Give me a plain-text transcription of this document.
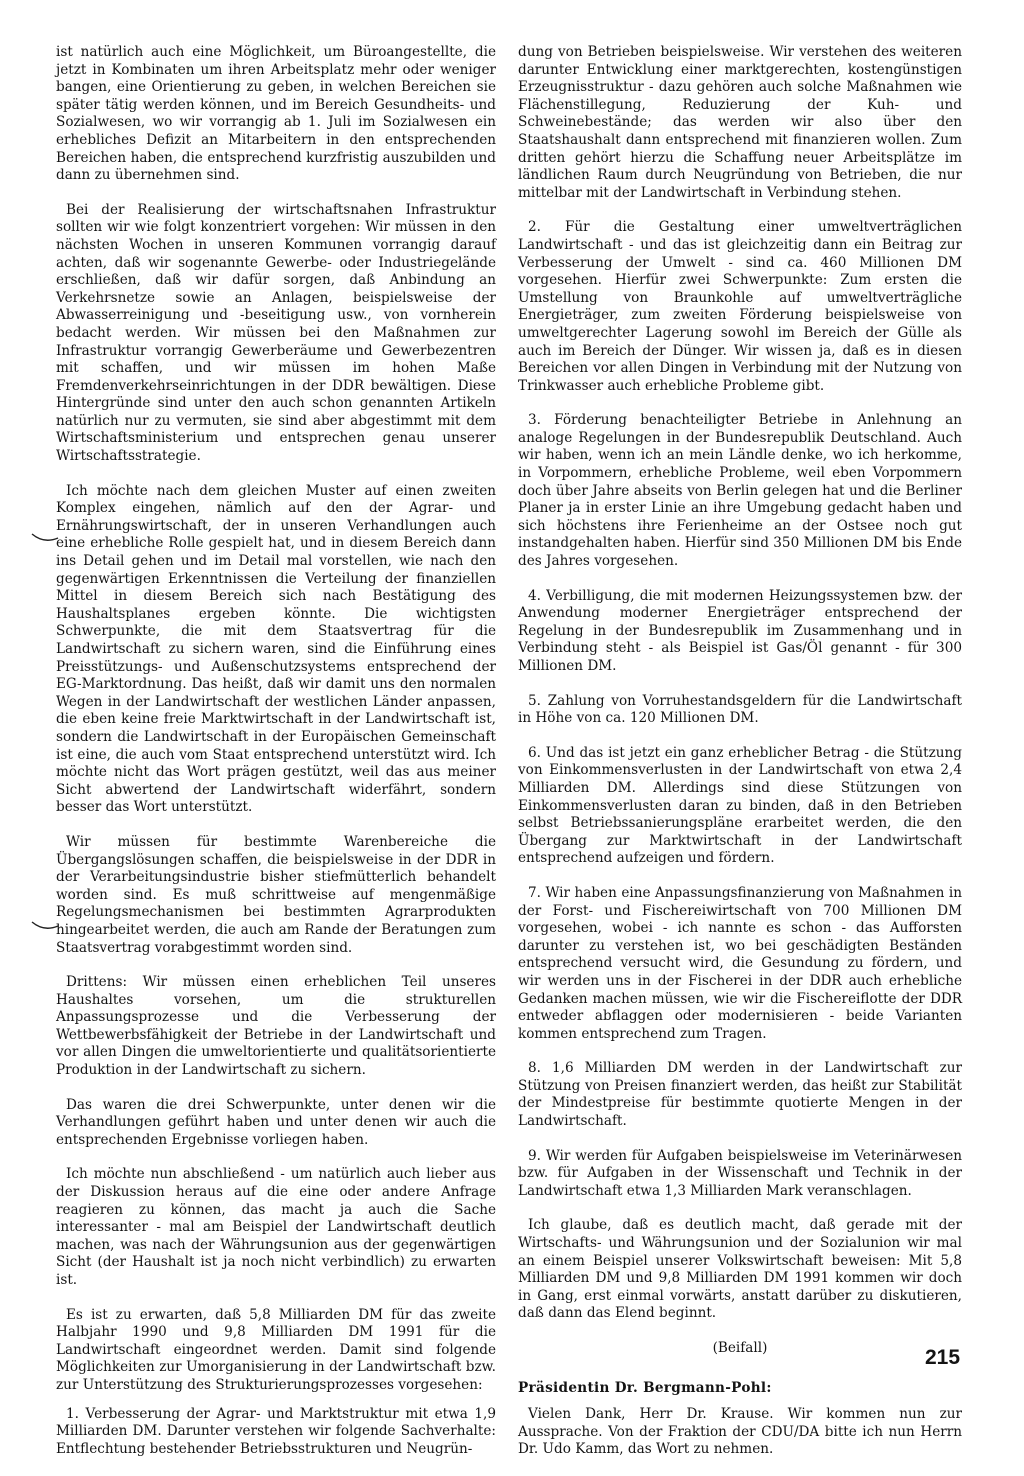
ist natürlich auch eine Möglichkeit, um Büroangestellte, die jetzt in Kombinaten um ihren Arbeitsplatz mehr oder weniger bangen, eine Orientierung zu geben, in welchen Bereichen sie später tätig werden können, und im Bereich Gesundheits- und Sozialwesen, wo wir vorrangig ab 1. Juli im Sozialwesen ein erhebliches Defizit an Mitarbeitern in den entsprechenden Bereichen haben, die entsprechend kurzfristig auszubilden und dann zu übernehmen sind.

Bei der Realisierung der wirtschaftsnahen Infrastruktur sollten wir wie folgt konzentriert vorgehen: Wir müssen in den nächsten Wochen in unseren Kommunen vorrangig darauf achten, daß wir sogenannte Gewerbe- oder Industriegelände erschließen, daß wir dafür sorgen, daß Anbindung an Verkehrsnetze sowie an Anlagen, beispielsweise der Abwasserreinigung und -beseitigung usw., von vornherein bedacht werden. Wir müssen bei den Maßnahmen zur Infrastruktur vorrangig Gewerberäume und Gewerbezentren mit schaffen, und wir müssen im hohen Maße Fremdenverkehrseinrichtungen in der DDR bewältigen. Diese Hintergründe sind unter den auch schon genannten Artikeln natürlich nur zu vermuten, sie sind aber abgestimmt mit dem Wirtschaftsministerium und entsprechen genau unserer Wirtschaftsstrategie.

Ich möchte nach dem gleichen Muster auf einen zweiten Komplex eingehen, nämlich auf den der Agrar- und Ernährungswirtschaft, der in unseren Verhandlungen auch eine erhebliche Rolle gespielt hat, und in diesem Bereich dann ins Detail gehen und im Detail mal vorstellen, wie nach den gegenwärtigen Erkenntnissen die Verteilung der finanziellen Mittel in diesem Bereich sich nach Bestätigung des Haushaltsplanes ergeben könnte. Die wichtigsten Schwerpunkte, die mit dem Staatsvertrag für die Landwirtschaft zu sichern waren, sind die Einführung eines Preisstützungs- und Außenschutzsystems entsprechend der EG-Marktordnung. Das heißt, daß wir damit uns den normalen Wegen in der Landwirtschaft der westlichen Länder anpassen, die eben keine freie Marktwirtschaft in der Landwirtschaft ist, sondern die Landwirtschaft in der Europäischen Gemeinschaft ist eine, die auch vom Staat entsprechend unterstützt wird. Ich möchte nicht das Wort prägen gestützt, weil das aus meiner Sicht abwertend der Landwirtschaft widerfährt, sondern besser das Wort unterstützt.

Wir müssen für bestimmte Warenbereiche die Übergangslösungen schaffen, die beispielsweise in der DDR in der Verarbeitungsindustrie bisher stiefmütterlich behandelt worden sind. Es muß schrittweise auf mengenmäßige Regelungsmechanismen bei bestimmten Agrarprodukten hingearbeitet werden, die auch am Rande der Beratungen zum Staatsvertrag vorabgestimmt worden sind.

Drittens: Wir müssen einen erheblichen Teil unseres Haushaltes vorsehen, um die strukturellen Anpassungsprozesse und die Verbesserung der Wettbewerbsfähigkeit der Betriebe in der Landwirtschaft und vor allen Dingen die umweltorientierte und qualitätsorientierte Produktion in der Landwirtschaft zu sichern.

Das waren die drei Schwerpunkte, unter denen wir die Verhandlungen geführt haben und unter denen wir auch die entsprechenden Ergebnisse vorliegen haben.

Ich möchte nun abschließend - um natürlich auch lieber aus der Diskussion heraus auf die eine oder andere Anfrage reagieren zu können, das macht ja auch die Sache interessanter - mal am Beispiel der Landwirtschaft deutlich machen, was nach der Währungsunion aus der gegenwärtigen Sicht (der Haushalt ist ja noch nicht verbindlich) zu erwarten ist.

Es ist zu erwarten, daß 5,8 Milliarden DM für das zweite Halbjahr 1990 und 9,8 Milliarden DM 1991 für die Landwirtschaft eingeordnet werden. Damit sind folgende Möglichkeiten zur Umorganisierung in der Landwirtschaft bzw. zur Unterstützung des Strukturierungsprozesses vorgesehen:

1. Verbesserung der Agrar- und Marktstruktur mit etwa 1,9 Milliarden DM. Darunter verstehen wir folgende Sachverhalte: Entflechtung bestehender Betriebsstrukturen und Neugrün-

dung von Betrieben beispielsweise. Wir verstehen des weiteren darunter Entwicklung einer marktgerechten, kostengünstigen Erzeugnisstruktur - dazu gehören auch solche Maßnahmen wie Flächenstillegung, Reduzierung der Kuh- und Schweinebestände; das werden wir also über den Staatshaushalt dann entsprechend mit finanzieren wollen. Zum dritten gehört hierzu die Schaffung neuer Arbeitsplätze im ländlichen Raum durch Neugründung von Betrieben, die nur mittelbar mit der Landwirtschaft in Verbindung stehen.

2. Für die Gestaltung einer umweltverträglichen Landwirtschaft - und das ist gleichzeitig dann ein Beitrag zur Verbesserung der Umwelt - sind ca. 460 Millionen DM vorgesehen. Hierfür zwei Schwerpunkte: Zum ersten die Umstellung von Braunkohle auf umweltverträgliche Energieträger, zum zweiten Förderung beispielsweise von umweltgerechter Lagerung sowohl im Bereich der Gülle als auch im Bereich der Dünger. Wir wissen ja, daß es in diesen Bereichen vor allen Dingen in Verbindung mit der Nutzung von Trinkwasser auch erhebliche Probleme gibt.

3. Förderung benachteiligter Betriebe in Anlehnung an analoge Regelungen in der Bundesrepublik Deutschland. Auch wir haben, wenn ich an mein Ländle denke, wo ich herkomme, in Vorpommern, erhebliche Probleme, weil eben Vorpommern doch über Jahre abseits von Berlin gelegen hat und die Berliner Planer ja in erster Linie an ihre Umgebung gedacht haben und sich höchstens ihre Ferienheime an der Ostsee noch gut instandgehalten haben. Hierfür sind 350 Millionen DM bis Ende des Jahres vorgesehen.

4. Verbilligung, die mit modernen Heizungssystemen bzw. der Anwendung moderner Energieträger entsprechend der Regelung in der Bundesrepublik im Zusammenhang und in Verbindung steht - als Beispiel ist Gas/Öl genannt - für 300 Millionen DM.

5. Zahlung von Vorruhestandsgeldern für die Landwirtschaft in Höhe von ca. 120 Millionen DM.

6. Und das ist jetzt ein ganz erheblicher Betrag - die Stützung von Einkommensverlusten in der Landwirtschaft von etwa 2,4 Milliarden DM. Allerdings sind diese Stützungen von Einkommensverlusten daran zu binden, daß in den Betrieben selbst Betriebssanierungspläne erarbeitet werden, die den Übergang zur Marktwirtschaft in der Landwirtschaft entsprechend aufzeigen und fördern.

7. Wir haben eine Anpassungsfinanzierung von Maßnahmen in der Forst- und Fischereiwirtschaft von 700 Millionen DM vorgesehen, wobei - ich nannte es schon - das Aufforsten darunter zu verstehen ist, wo bei geschädigten Beständen entsprechend versucht wird, die Gesundung zu fördern, und wir werden uns in der Fischerei in der DDR auch erhebliche Gedanken machen müssen, wie wir die Fischereiflotte der DDR entweder abflaggen oder modernisieren - beide Varianten kommen entsprechend zum Tragen.

8. 1,6 Milliarden DM werden in der Landwirtschaft zur Stützung von Preisen finanziert werden, das heißt zur Stabilität der Mindestpreise für bestimmte quotierte Mengen in der Landwirtschaft.

9. Wir werden für Aufgaben beispielsweise im Veterinärwesen bzw. für Aufgaben in der Wissenschaft und Technik in der Landwirtschaft etwa 1,3 Milliarden Mark veranschlagen.

Ich glaube, daß es deutlich macht, daß gerade mit der Wirtschafts- und Währungsunion und der Sozialunion wir mal an einem Beispiel unserer Volkswirtschaft beweisen: Mit 5,8 Milliarden DM und 9,8 Milliarden DM 1991 kommen wir doch in Gang, erst einmal vorwärts, anstatt darüber zu diskutieren, daß dann das Elend beginnt.

(Beifall)

Präsidentin Dr. Bergmann-Pohl:

Vielen Dank, Herr Dr. Krause. Wir kommen nun zur Aussprache. Von der Fraktion der CDU/DA bitte ich nun Herrn Dr. Udo Kamm, das Wort zu nehmen.

215
